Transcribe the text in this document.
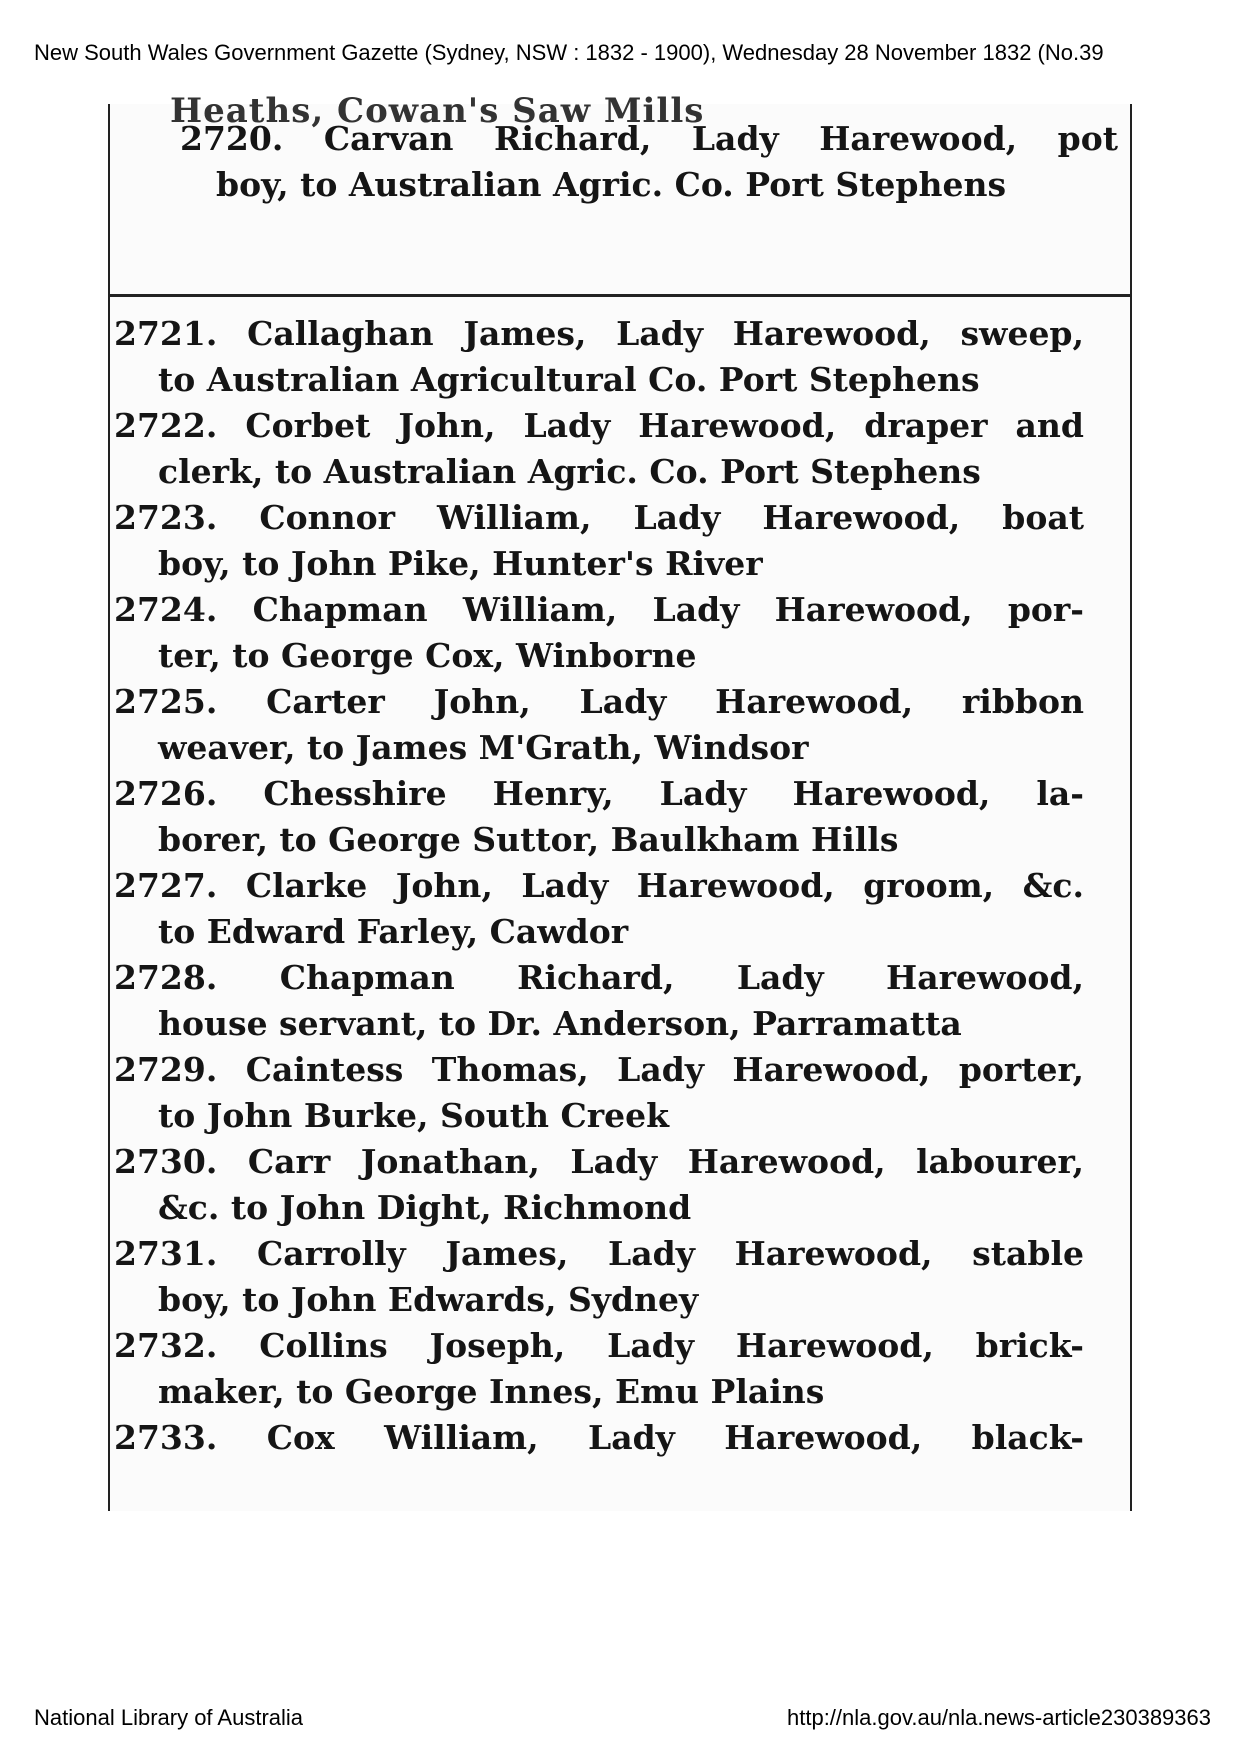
New South Wales Government Gazette (Sydney, NSW : 1832 - 1900), Wednesday 28 November 1832 (No.39
Heaths, Cowan's Saw Mills
2720. Carvan Richard, Lady Harewood, pot
boy, to Australian Agric. Co. Port Stephens
2721. Callaghan James, Lady Harewood, sweep,
to Australian Agricultural Co. Port Stephens
2722. Corbet John, Lady Harewood, draper and
clerk, to Australian Agric. Co. Port Stephens
2723. Connor William, Lady Harewood, boat
boy, to John Pike, Hunter's River
2724. Chapman William, Lady Harewood, por-
ter, to George Cox, Winborne
2725. Carter John, Lady Harewood, ribbon
weaver, to James M'Grath, Windsor
2726. Chesshire Henry, Lady Harewood, la-
borer, to George Suttor, Baulkham Hills
2727. Clarke John, Lady Harewood, groom, &c.
to Edward Farley, Cawdor
2728. Chapman Richard, Lady Harewood,
house servant, to Dr. Anderson, Parramatta
2729. Caintess Thomas, Lady Harewood, porter,
to John Burke, South Creek
2730. Carr Jonathan, Lady Harewood, labourer,
&c. to John Dight, Richmond
2731. Carrolly James, Lady Harewood, stable
boy, to John Edwards, Sydney
2732. Collins Joseph, Lady Harewood, brick-
maker, to George Innes, Emu Plains
2733. Cox William, Lady Harewood, black-
National Library of Australia	http://nla.gov.au/nla.news-article230389363
